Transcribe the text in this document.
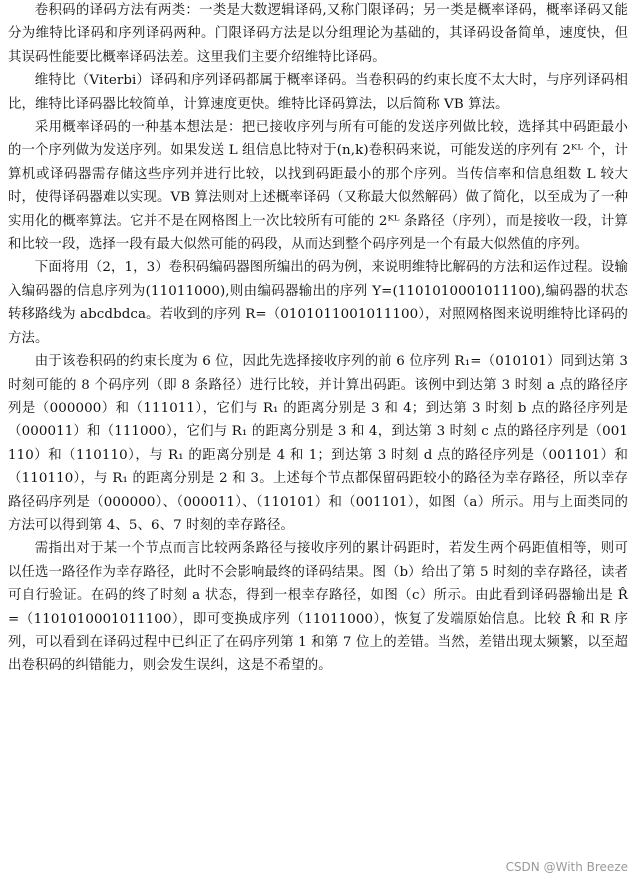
卷积码的译码方法有两类：一类是大数逻辑译码,又称门限译码；另一类是概率译码，概率译码又能分为维特比译码和序列译码两种。门限译码方法是以分组理论为基础的，其译码设备简单，速度快，但其误码性能要比概率译码法差。这里我们主要介绍维特比译码。

维特比（Viterbi）译码和序列译码都属于概率译码。当卷积码的约束长度不太大时，与序列译码相比，维特比译码器比较简单，计算速度更快。维特比译码算法，以后简称 VB 算法。

采用概率译码的一种基本想法是：把已接收序列与所有可能的发送序列做比较，选择其中码距最小的一个序列做为发送序列。如果发送 L 组信息比特对于(n,k)卷积码来说，可能发送的序列有 2ᴷᴸ 个，计算机或译码器需存储这些序列并进行比较，以找到码距最小的那个序列。当传信率和信息组数 L 较大时，使得译码器难以实现。VB 算法则对上述概率译码（又称最大似然解码）做了简化，以至成为了一种实用化的概率算法。它并不是在网格图上一次比较所有可能的 2ᴷᴸ 条路径（序列），而是接收一段，计算和比较一段，选择一段有最大似然可能的码段，从而达到整个码序列是一个有最大似然值的序列。

下面将用（2，1，3）卷积码编码器图所编出的码为例，来说明维特比解码的方法和运作过程。设输入编码器的信息序列为(11011000),则由编码器输出的序列 Y=(1101010001011100),编码器的状态转移路线为 abcdbdca。若收到的序列 R=（0101011001011100），对照网格图来说明维特比译码的方法。

由于该卷积码的约束长度为 6 位，因此先选择接收序列的前 6 位序列 R₁=（010101）同到达第 3 时刻可能的 8 个码序列（即 8 条路径）进行比较，并计算出码距。该例中到达第 3 时刻 a 点的路径序列是（000000）和（111011），它们与 R₁ 的距离分别是 3 和 4；到达第 3 时刻 b 点的路径序列是（000011）和（111000），它们与 R₁ 的距离分别是 3 和 4，到达第 3 时刻 c 点的路径序列是（001110）和（110110），与 R₁ 的距离分别是 4 和 1；到达第 3 时刻 d 点的路径序列是（001101）和（110110），与 R₁ 的距离分别是 2 和 3。上述每个节点都保留码距较小的路径为幸存路径，所以幸存路径码序列是（000000）、（000011）、（110101）和（001101），如图（a）所示。用与上面类同的方法可以得到第 4、5、6、7 时刻的幸存路径。

需指出对于某一个节点而言比较两条路径与接收序列的累计码距时，若发生两个码距值相等，则可以任选一路径作为幸存路径，此时不会影响最终的译码结果。图（b）给出了第 5 时刻的幸存路径，读者可自行验证。在码的终了时刻 a 状态，得到一根幸存路径，如图（c）所示。由此看到译码器输出是 R̂ =（1101010001011100），即可变换成序列（11011000），恢复了发端原始信息。比较 R̂ 和 R 序列，可以看到在译码过程中已纠正了在码序列第 1 和第 7 位上的差错。当然，差错出现太频繁，以至超出卷积码的纠错能力，则会发生误纠，这是不希望的。

CSDN @With Breeze
